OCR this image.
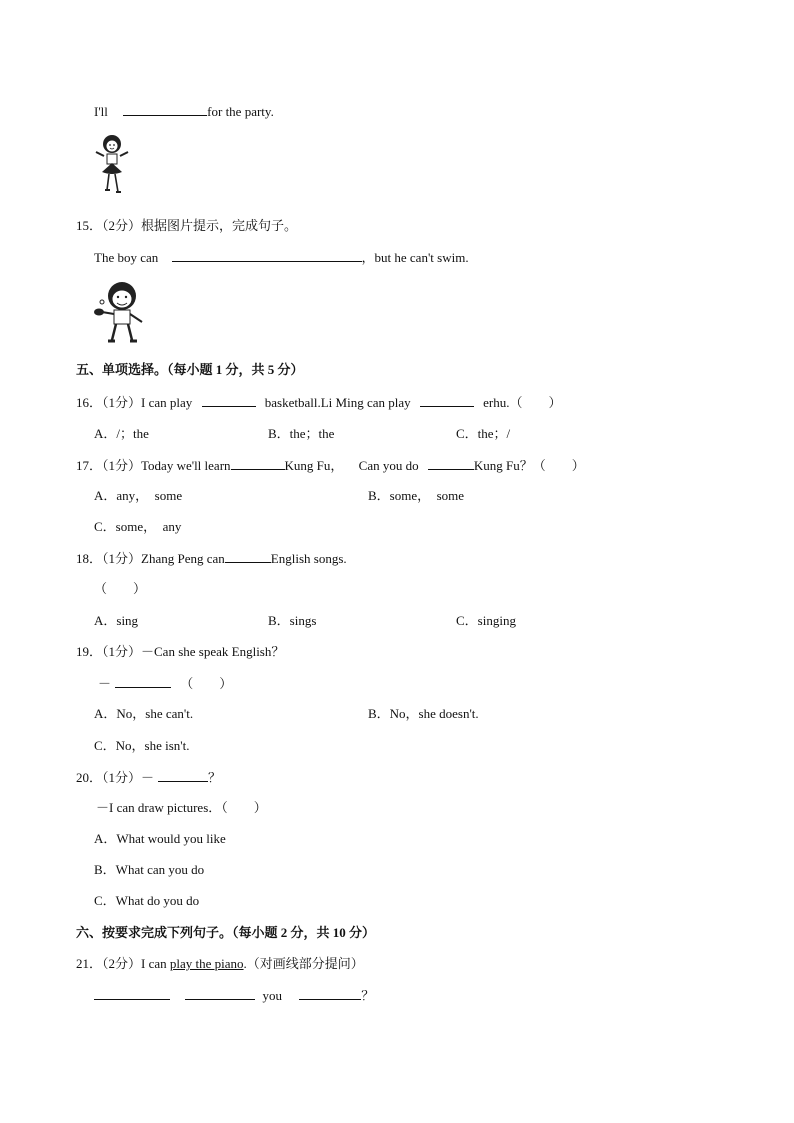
I'll	for the party.
15．（2分）根据图片提示，完成句子。
The boy can	，but he can't swim.
五、单项选择。（每小题 1 分，共 5 分）
16．（1分）I can play	basketball.Li Ming can play	erhu.（　　）
A．/；the	B．the；the	C．the；/
17．（1分）Today we'll learn	Kung Fu， Can you do	Kung Fu？（　　）
A．any，　some	B．some，　some
C．some，　any
18．（1分）Zhang Peng can	English songs.
（　　）
A．sing	B．sings	C．singing
19．（1分）－Can she speak English？
－	（　　）
A．No，she can't.	B．No，she doesn't.
C．No，she isn't.
20．（1分）－	？
－I can draw pictures．（　　）
A．What would you like
B．What can you do
C．What do you do
六、按要求完成下列句子。（每小题 2 分，共 10 分）
21．（2分）I can play the piano.（对画线部分提问）
you	？
